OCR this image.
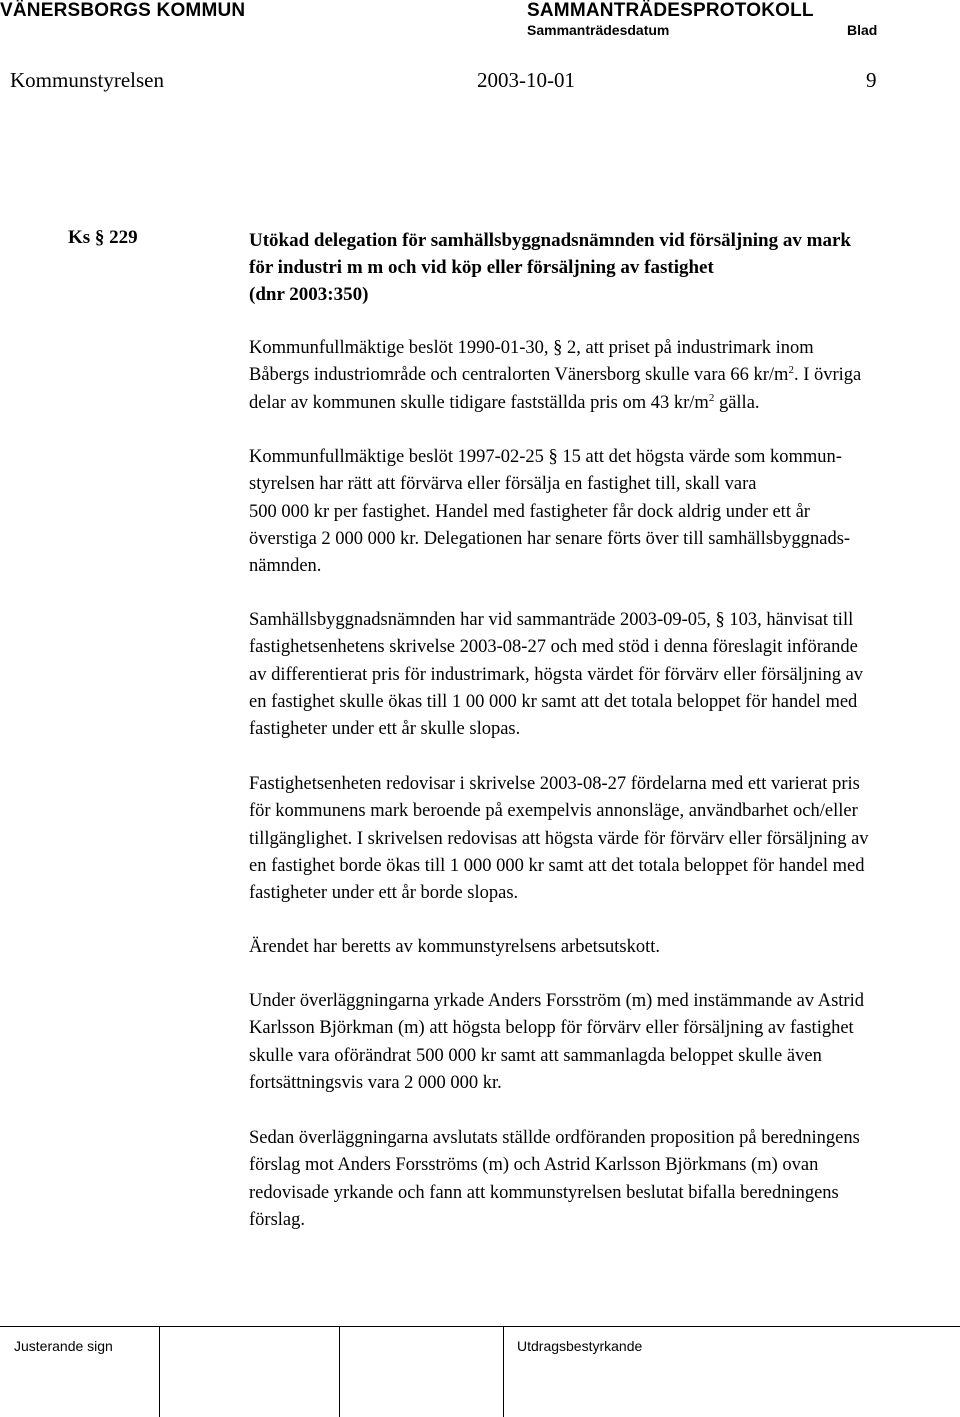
VÄNERSBORGS KOMMUN	SAMMANTRÄDESPROTOKOLL
Sammanträdesdatum	Blad
Kommunstyrelsen	2003-10-01	9
Ks § 229	Utökad delegation för samhällsbyggnadsnämnden vid försäljning av mark
för industri m m och vid köp eller försäljning av fastighet
(dnr 2003:350)
Kommunfullmäktige beslöt 1990-01-30, § 2, att priset på industrimark inom
Båbergs industriområde och centralorten Vänersborg skulle vara 66 $kr/m^2$. I övriga
delar av kommunen skulle tidigare fastställda pris om 43 $kr/m^2$ gälla.
Kommunfullmäktige beslöt 1997-02-25 § 15 att det högsta värde som kommun-
styrelsen har rätt att förvärva eller försälja en fastighet till, skall vara
500 000 kr per fastighet. Handel med fastigheter får dock aldrig under ett år
överstiga 2 000 000 kr. Delegationen har senare förts över till samhällsbyggnads-
nämnden.
Samhällsbyggnadsnämnden har vid sammanträde 2003-09-05, § 103, hänvisat till
fastighetsenhetens skrivelse 2003-08-27 och med stöd i denna föreslagit införande
av differentierat pris för industrimark, högsta värdet för förvärv eller försäljning av
en fastighet skulle ökas till 1 00 000 kr samt att det totala beloppet för handel med
fastigheter under ett år skulle slopas.
Fastighetsenheten redovisar i skrivelse 2003-08-27 fördelarna med ett varierat pris
för kommunens mark beroende på exempelvis annonsläge, användbarhet och/eller
tillgänglighet. I skrivelsen redovisas att högsta värde för förvärv eller försäljning av
en fastighet borde ökas till 1 000 000 kr samt att det totala beloppet för handel med
fastigheter under ett år borde slopas.
Ärendet har beretts av kommunstyrelsens arbetsutskott.
Under överläggningarna yrkade Anders Forsström (m) med instämmande av Astrid
Karlsson Björkman (m) att högsta belopp för förvärv eller försäljning av fastighet
skulle vara oförändrat 500 000 kr samt att sammanlagda beloppet skulle även
fortsättningsvis vara 2 000 000 kr.
Sedan överläggningarna avslutats ställde ordföranden proposition på beredningens
förslag mot Anders Forsströms (m) och Astrid Karlsson Björkmans (m) ovan
redovisade yrkande och fann att kommunstyrelsen beslutat bifalla beredningens
förslag.
Justerande sign	Utdragsbestyrkande
